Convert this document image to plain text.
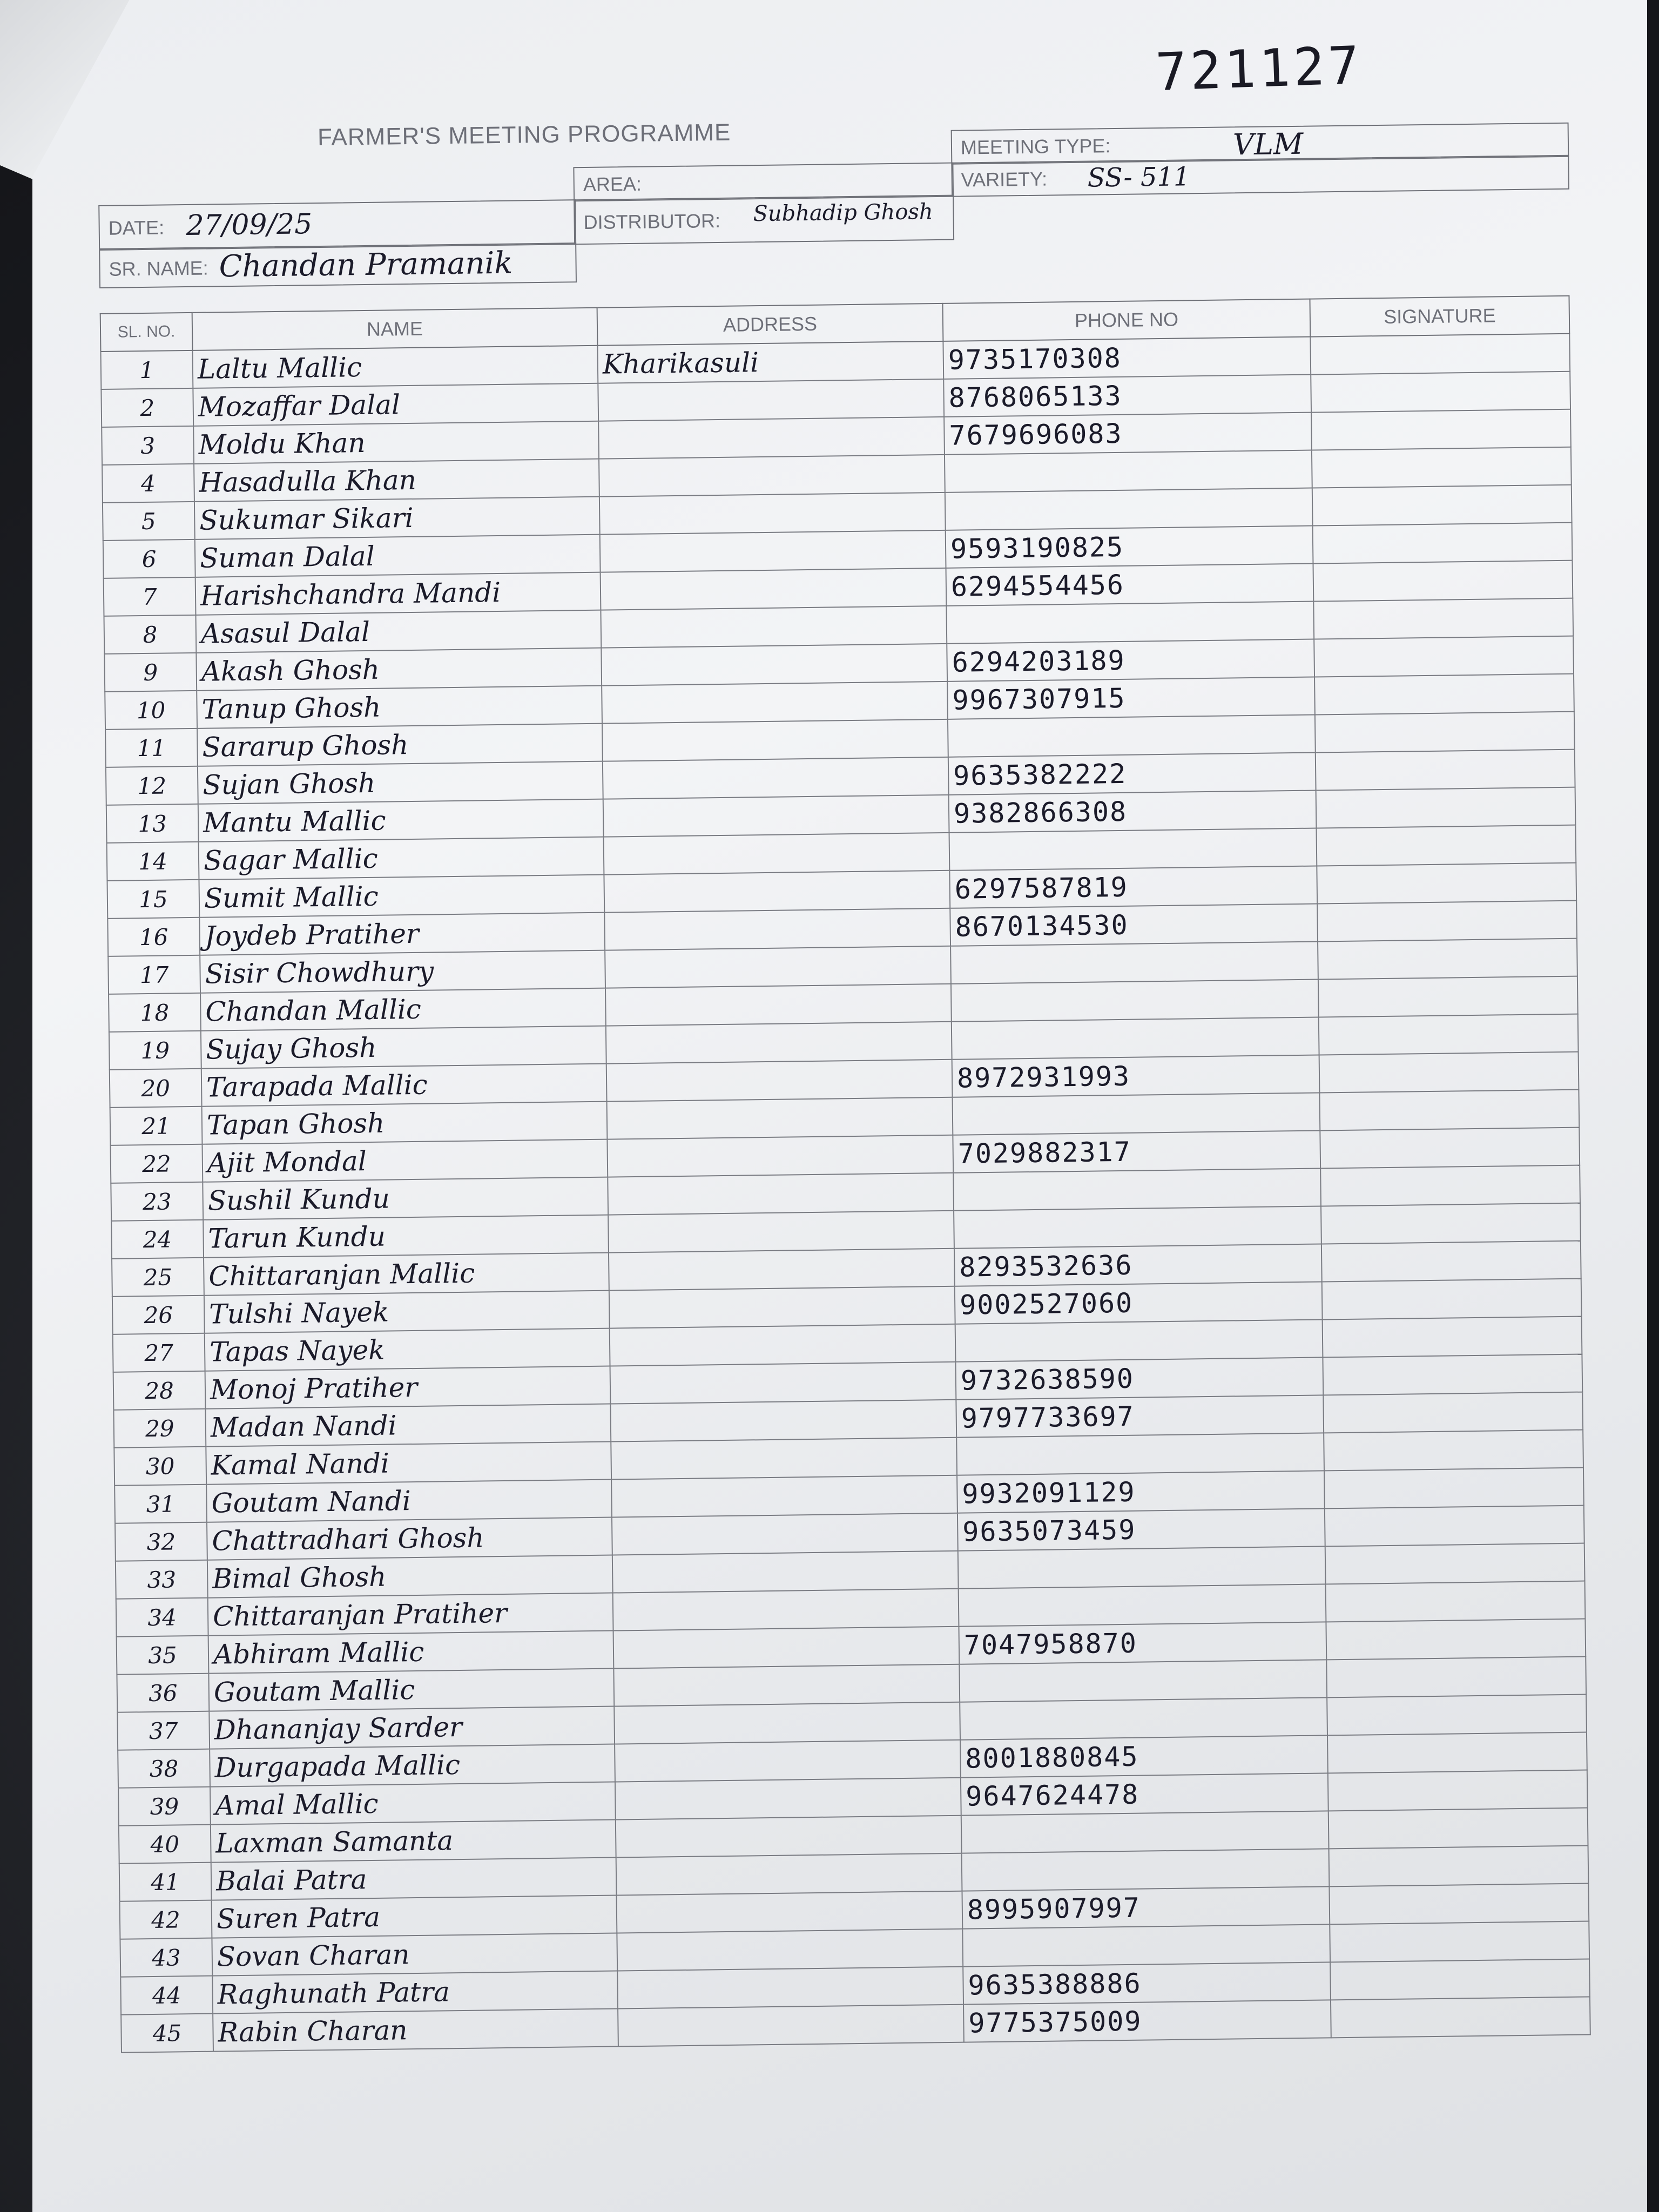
721127
FARMER'S MEETING PROGRAMME	MEETING TYPE:	VLM
AREA:	VARIETY: SS- 511
DATE: 27/09/25	DISTRIBUTOR: Subhadip Ghosh
SR. NAME: Chandan Pramanik
SL. NO.	NAME	ADDRESS	PHONE NO	SIGNATURE
1	Laltu Mallic	Kharikasuli	9735170308	
2	Mozaffar Dalal		8768065133	
3	Moldu Khan		7679696083	
4	Hasadulla Khan			
5	Sukumar Sikari			
6	Suman Dalal		9593190825	
7	Harishchandra Mandi		6294554456	
8	Asasul Dalal			
9	Akash Ghosh		6294203189	
10	Tanup Ghosh		9967307915	
11	Sararup Ghosh			
12	Sujan Ghosh		9635382222	
13	Mantu Mallic		9382866308	
14	Sagar Mallic			
15	Sumit Mallic		6297587819	
16	Joydeb Pratiher		8670134530	
17	Sisir Chowdhury			
18	Chandan Mallic			
19	Sujay Ghosh			
20	Tarapada Mallic		8972931993	
21	Tapan Ghosh			
22	Ajit Mondal		7029882317	
23	Sushil Kundu			
24	Tarun Kundu			
25	Chittaranjan Mallic		8293532636	
26	Tulshi Nayek		9002527060	
27	Tapas Nayek			
28	Monoj Pratiher		9732638590	
29	Madan Nandi		9797733697	
30	Kamal Nandi			
31	Goutam Nandi		9932091129	
32	Chattradhari Ghosh		9635073459	
33	Bimal Ghosh			
34	Chittaranjan Pratiher			
35	Abhiram Mallic		7047958870	
36	Goutam Mallic			
37	Dhananjay Sarder			
38	Durgapada Mallic		8001880845	
39	Amal Mallic		9647624478	
40	Laxman Samanta			
41	Balai Patra			
42	Suren Patra		8995907997	
43	Sovan Charan			
44	Raghunath Patra		9635388886	
45	Rabin Charan		9775375009	
